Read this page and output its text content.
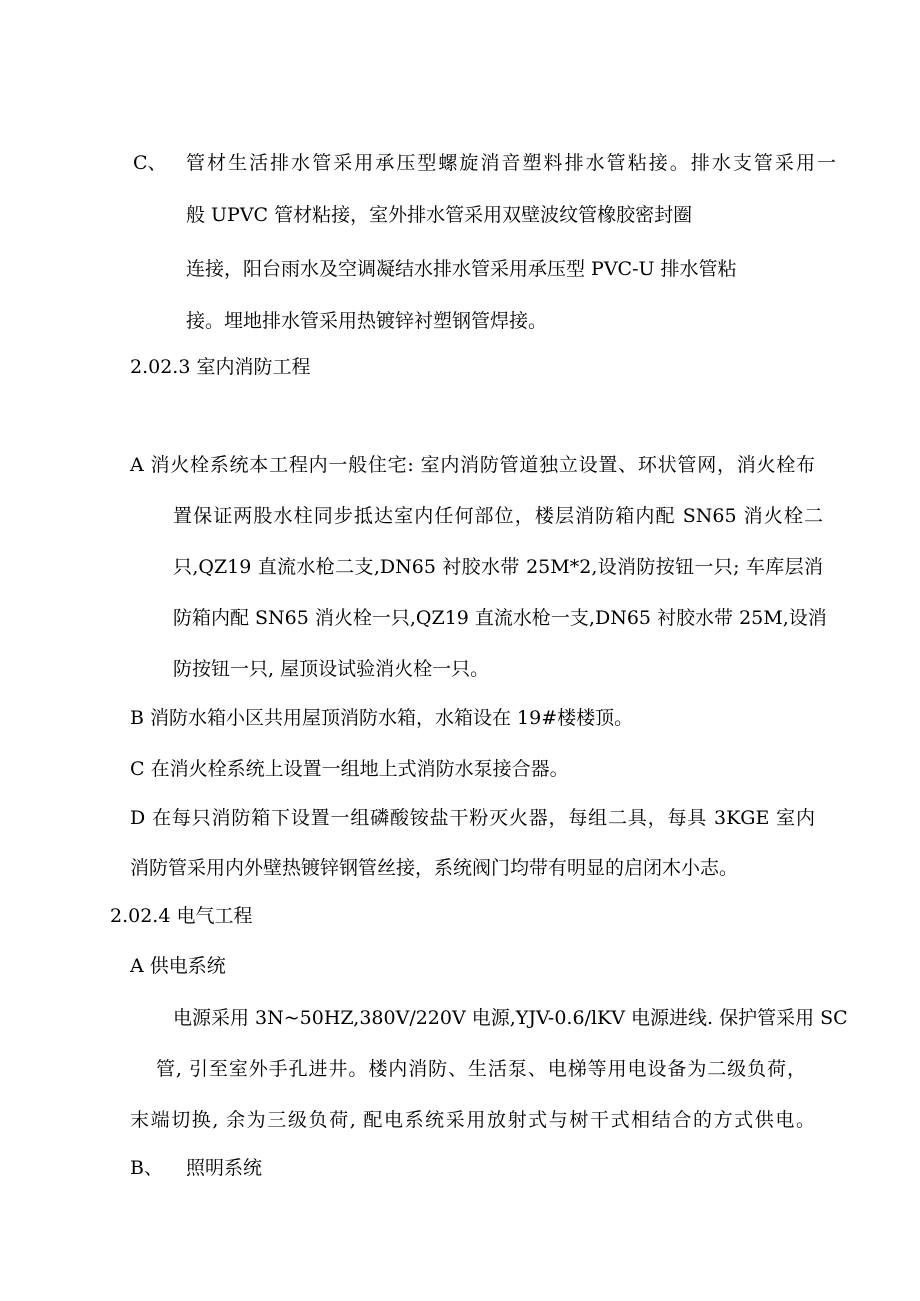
C、 管材生活排水管采用承压型螺旋消音塑料排水管粘接。排水支管采用一
般 UPVC 管材粘接，室外排水管采用双壁波纹管橡胶密封圈
连接，阳台雨水及空调凝结水排水管采用承压型 PVC-U 排水管粘
接。埋地排水管采用热镀锌衬塑钢管焊接。
2.02.3 室内消防工程
A 消火栓系统本工程内一般住宅: 室内消防管道独立设置、环状管网，消火栓布
置保证两股水柱同步抵达室内任何部位，楼层消防箱内配 SN65 消火栓二
只,QZ19 直流水枪二支,DN65 衬胶水带 25M*2,设消防按钮一只; 车库层消
防箱内配 SN65 消火栓一只,QZ19 直流水枪一支,DN65 衬胶水带 25M,设消
防按钮一只, 屋顶设试验消火栓一只。
B 消防水箱小区共用屋顶消防水箱，水箱设在 19#楼楼顶。
C 在消火栓系统上设置一组地上式消防水泵接合器。
D 在每只消防箱下设置一组磷酸铵盐干粉灭火器，每组二具，每具 3KGE 室内
消防管采用内外壁热镀锌钢管丝接，系统阀门均带有明显的启闭木小志。
2.02.4 电气工程
A 供电系统
电源采用 3N~50HZ,380V/220V 电源,YJV-0.6/lKV 电源进线. 保护管采用 SC
管, 引至室外手孔进井。楼内消防、生活泵、电梯等用电设备为二级负荷，
末端切换, 余为三级负荷, 配电系统采用放射式与树干式相结合的方式供电。
B、 照明系统
